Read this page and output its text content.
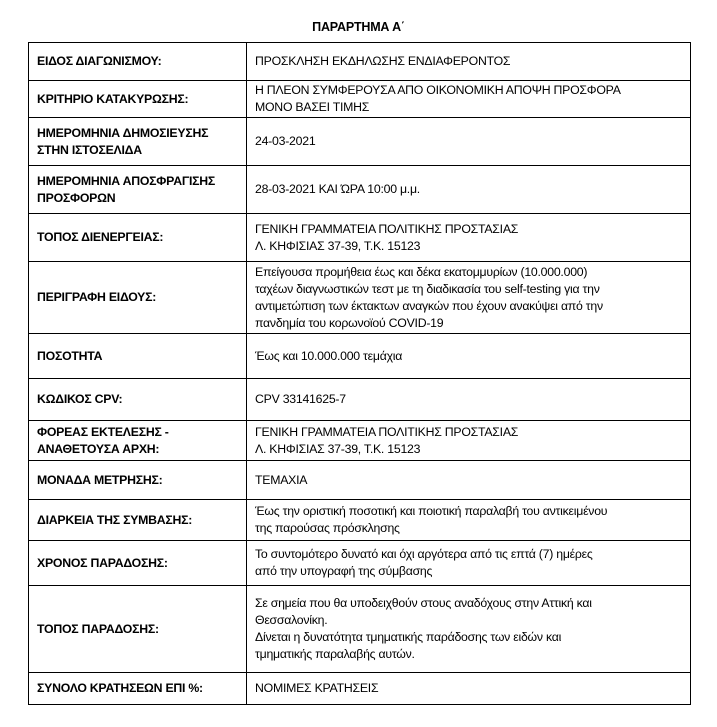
ΠΑΡΑΡΤΗΜΑ Α΄
ΕΙΔΟΣ ΔΙΑΓΩΝΙΣΜΟΥ:	ΠΡΟΣΚΛΗΣΗ ΕΚΔΗΛΩΣΗΣ ΕΝΔΙΑΦΕΡΟΝΤΟΣ

ΚΡΙΤΗΡΙΟ ΚΑΤΑΚΥΡΩΣΗΣ:	Η ΠΛΕΟΝ ΣΥΜΦΕΡΟΥΣΑ ΑΠΟ ΟΙΚΟΝΟΜΙΚΗ ΑΠΟΨΗ ΠΡΟΣΦΟΡΑ
ΜΟΝΟ ΒΑΣΕΙ ΤΙΜΗΣ

ΗΜΕΡΟΜΗΝΙΑ ΔΗΜΟΣΙΕΥΣΗΣ ΣΤΗΝ ΙΣΤΟΣΕΛΙΔΑ	24-03-2021

ΗΜΕΡΟΜΗΝΙΑ ΑΠΟΣΦΡΑΓΙΣΗΣ ΠΡΟΣΦΟΡΩΝ	28-03-2021 ΚΑΙ ΏΡΑ 10:00 μ.μ.

ΤΟΠΟΣ ΔΙΕΝΕΡΓΕΙΑΣ:	ΓΕΝΙΚΗ ΓΡΑΜΜΑΤΕΙΑ ΠΟΛΙΤΙΚΗΣ ΠΡΟΣΤΑΣΙΑΣ
Λ. ΚΗΦΙΣΙΑΣ 37-39, Τ.Κ. 15123

ΠΕΡΙΓΡΑΦΗ ΕΙΔΟΥΣ:	Επείγουσα προμήθεια έως και δέκα εκατομμυρίων (10.000.000)
ταχέων διαγνωστικών τεστ με τη διαδικασία του self-testing για την
αντιμετώπιση των έκτακτων αναγκών που έχουν ανακύψει από την
πανδημία του κορωνοϊού COVID-19

ΠΟΣΟΤΗΤΑ	Έως και 10.000.000 τεμάχια

ΚΩΔΙΚΟΣ CPV:	CPV 33141625-7

ΦΟΡΕΑΣ ΕΚΤΕΛΕΣΗΣ - ΑΝΑΘΕΤΟΥΣΑ ΑΡΧΗ:	ΓΕΝΙΚΗ ΓΡΑΜΜΑΤΕΙΑ ΠΟΛΙΤΙΚΗΣ ΠΡΟΣΤΑΣΙΑΣ
Λ. ΚΗΦΙΣΙΑΣ 37-39, Τ.Κ. 15123

ΜΟΝΑΔΑ ΜΕΤΡΗΣΗΣ:	ΤΕΜΑΧΙΑ

ΔΙΑΡΚΕΙΑ ΤΗΣ ΣΥΜΒΑΣΗΣ:	Έως την οριστική ποσοτική και ποιοτική παραλαβή του αντικειμένου
της παρούσας πρόσκλησης

ΧΡΟΝΟΣ ΠΑΡΑΔΟΣΗΣ:	Το συντομότερο δυνατό και όχι αργότερα από τις επτά (7) ημέρες
από την υπογραφή της σύμβασης

ΤΟΠΟΣ ΠΑΡΑΔΟΣΗΣ:	Σε σημεία που θα υποδειχθούν στους αναδόχους στην Αττική και
Θεσσαλονίκη.
Δίνεται η δυνατότητα τμηματικής παράδοσης των ειδών και
τμηματικής παραλαβής αυτών.

ΣΥΝΟΛΟ ΚΡΑΤΗΣΕΩΝ ΕΠΙ %:	ΝΟΜΙΜΕΣ ΚΡΑΤΗΣΕΙΣ
